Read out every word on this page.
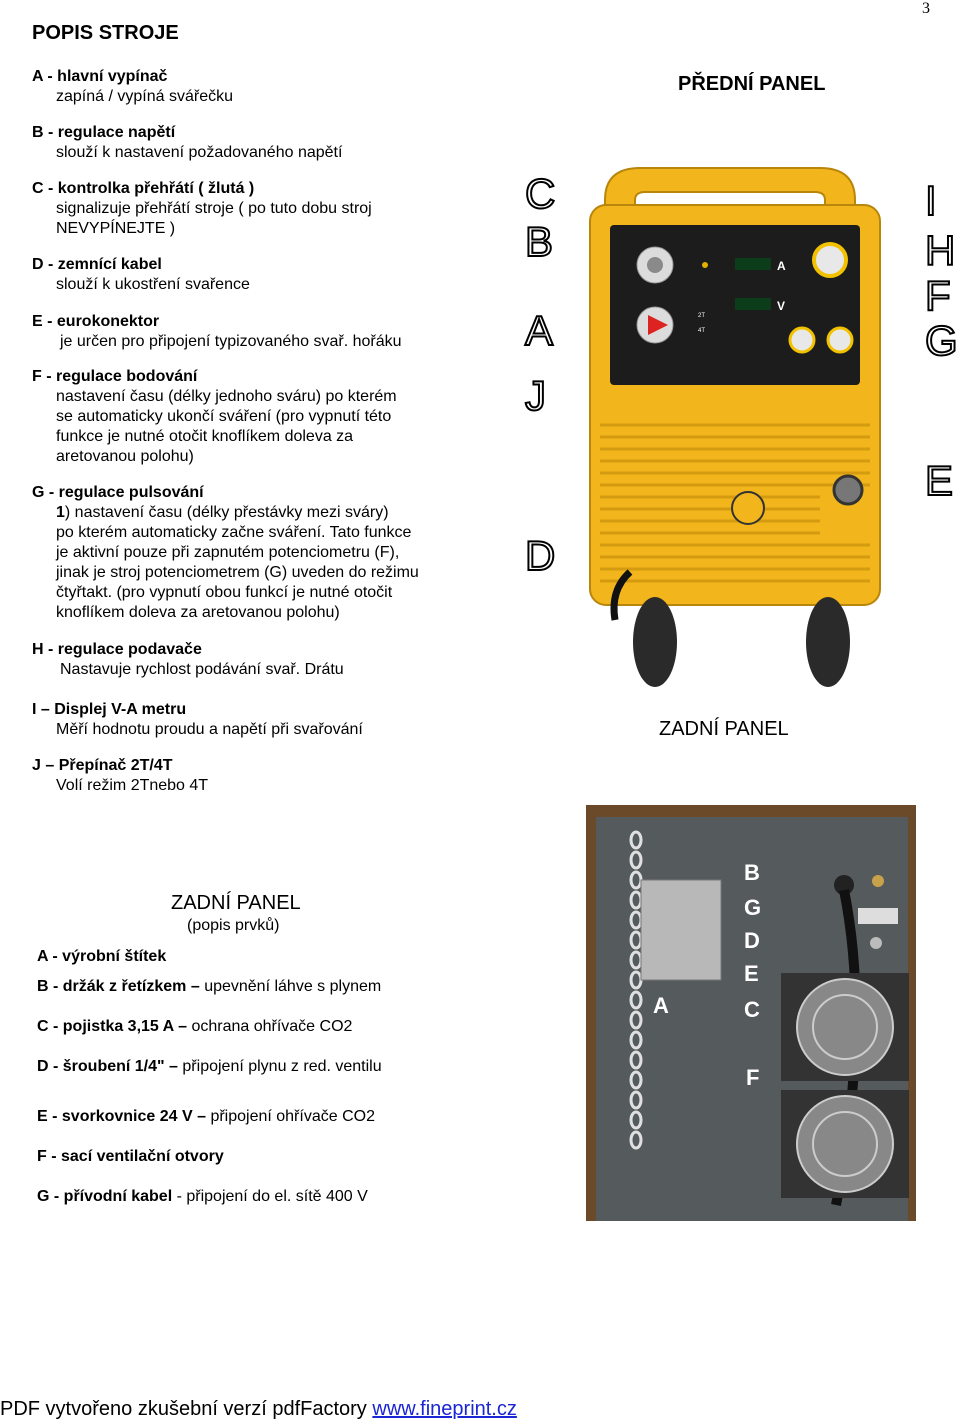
3
POPIS STROJE
A - hlavní vypínač
zapíná / vypíná svářečku
B - regulace napětí
slouží k nastavení požadovaného napětí
C - kontrolka přehřátí ( žlutá )
signalizuje přehřátí stroje ( po tuto dobu stroj
NEVYPÍNEJTE )
D - zemnící kabel
slouží k ukostření svařence
E - eurokonektor
je určen pro připojení typizovaného svař. hořáku
F - regulace bodování
nastavení času (délky jednoho sváru) po kterém
se automaticky ukončí sváření (pro vypnutí této
funkce je nutné otočit knoflíkem doleva za
aretovanou polohu)
G - regulace pulsování
1) nastavení času (délky přestávky mezi sváry)
po kterém automaticky začne sváření. Tato funkce
je aktivní pouze při zapnutém potenciometru (F),
jinak je stroj potenciometrem (G) uveden do režimu
čtyřtakt. (pro vypnutí obou funkcí je nutné otočit
knoflíkem doleva za aretovanou polohu)
H - regulace podavače
Nastavuje rychlost podávání svař. Drátu
I – Displej V-A metru
Měří hodnotu proudu a napětí při svařování
J – Přepínač 2T/4T
Volí režim 2Tnebo 4T
PŘEDNÍ PANEL
2T
4T
A
V
C
B
A
J
D
I
H
F
G
E
ZADNÍ PANEL
B
G
D
E
C
F
A
ZADNÍ PANEL
(popis prvků)
A - výrobní štítek
B - držák z řetízkem – upevnění láhve s plynem
C - pojistka 3,15 A – ochrana ohřívače CO2
D - šroubení 1/4" – připojení plynu z red. ventilu
E - svorkovnice 24 V – připojení ohřívače CO2
F - sací ventilační otvory
G - přívodní kabel - připojení do el. sítě 400 V
PDF vytvořeno zkušební verzí pdfFactory www.fineprint.cz
